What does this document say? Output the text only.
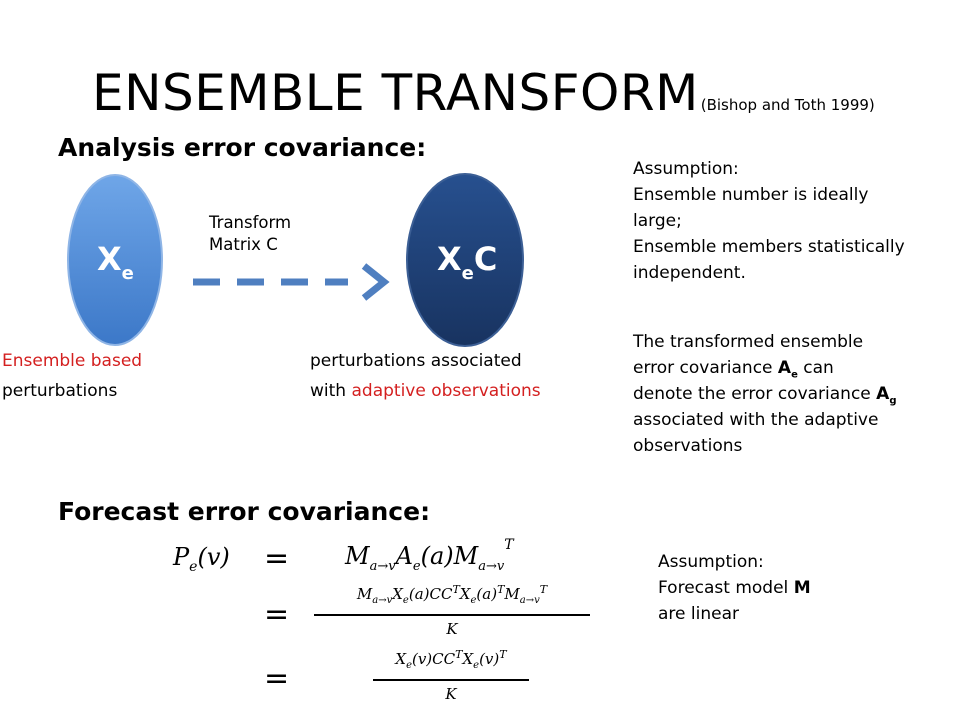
ENSEMBLE TRANSFORM (Bishop and Toth 1999)
Analysis error covariance:
$X_e$	$X_eC$
Transform
Matrix C
Ensemble based
perturbations
perturbations associated
with adaptive observations
Assumption:
Ensemble number is ideally
large;
Ensemble members statistically
independent.
The transformed ensemble
error covariance $A_e$ can
denote the error covariance $A_g$
associated with the adaptive
observations
Forecast error covariance:
$P_e(v)$ =
=
=
$M_{a\to v}A_e(a)M_{a\to v}^T$
$M_{a\to v}X_e(a)CC^TX_e(a)^TM_{a\to v}^T$
K
$X_e(v)CC^TX_e(v)^T$
K
Assumption:
Forecast model M
are linear
